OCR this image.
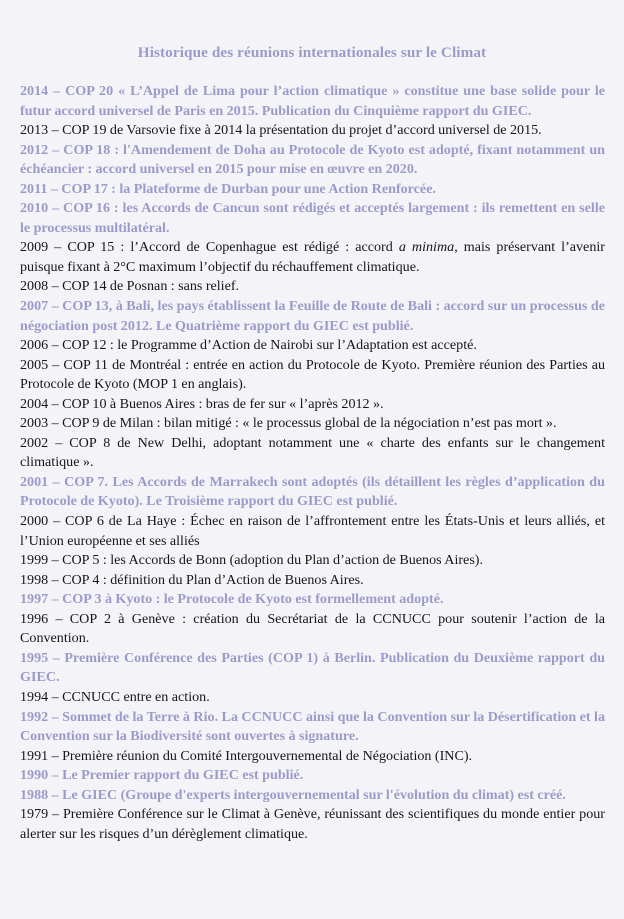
Historique des réunions internationales sur le Climat

2014 – COP 20 « L’Appel de Lima pour l’action climatique » constitue une base solide pour le futur accord universel de Paris en 2015. Publication du Cinquième rapport du GIEC.

2013 – COP 19 de Varsovie fixe à 2014 la présentation du projet d’accord universel de 2015.

2012 – COP 18 : l'Amendement de Doha au Protocole de Kyoto est adopté, fixant notamment un échéancier : accord universel en 2015 pour mise en œuvre en 2020.

2011 – COP 17 : la Plateforme de Durban pour une Action Renforcée.

2010 – COP 16 : les Accords de Cancun sont rédigés et acceptés largement : ils remettent en selle le processus multilatéral.

2009 – COP 15 : l’Accord de Copenhague est rédigé : accord a minima, mais préservant l’avenir puisque fixant à 2°C maximum l’objectif du réchauffement climatique.

2008 – COP 14 de Posnan : sans relief.

2007 – COP 13, à Bali, les pays établissent la Feuille de Route de Bali : accord sur un processus de négociation post 2012. Le Quatrième rapport du GIEC est publié.

2006 – COP 12 : le Programme d’Action de Nairobi sur l’Adaptation est accepté.

2005 – COP 11 de Montréal : entrée en action du Protocole de Kyoto. Première réunion des Parties au Protocole de Kyoto (MOP 1 en anglais).

2004 – COP 10 à Buenos Aires : bras de fer sur « l’après 2012 ».

2003 – COP 9 de Milan : bilan mitigé : « le processus global de la négociation n’est pas mort ».

2002 – COP 8 de New Delhi, adoptant notamment une « charte des enfants sur le changement climatique ».

2001 – COP 7. Les Accords de Marrakech sont adoptés (ils détaillent les règles d’application du Protocole de Kyoto). Le Troisième rapport du GIEC est publié.

2000 – COP 6 de La Haye : Échec en raison de l’affrontement entre les États-Unis et leurs alliés, et l’Union européenne et ses alliés

1999 – COP 5 : les Accords de Bonn (adoption du Plan d’action de Buenos Aires).

1998 – COP 4 : définition du Plan d’Action de Buenos Aires.

1997 – COP 3 à Kyoto : le Protocole de Kyoto est formellement adopté.

1996 – COP 2 à Genève : création du Secrétariat de la CCNUCC pour soutenir l’action de la Convention.

1995 – Première Conférence des Parties (COP 1) à Berlin. Publication du Deuxième rapport du GIEC.

1994 – CCNUCC entre en action.

1992 – Sommet de la Terre à Rio. La CCNUCC ainsi que la Convention sur la Désertification et la Convention sur la Biodiversité sont ouvertes à signature.

1991 – Première réunion du Comité Intergouvernemental de Négociation (INC).

1990 – Le Premier rapport du GIEC est publié.

1988 – Le GIEC (Groupe d'experts intergouvernemental sur l'évolution du climat) est créé.

1979 – Première Conférence sur le Climat à Genève, réunissant des scientifiques du monde entier pour alerter sur les risques d’un dérèglement climatique.
